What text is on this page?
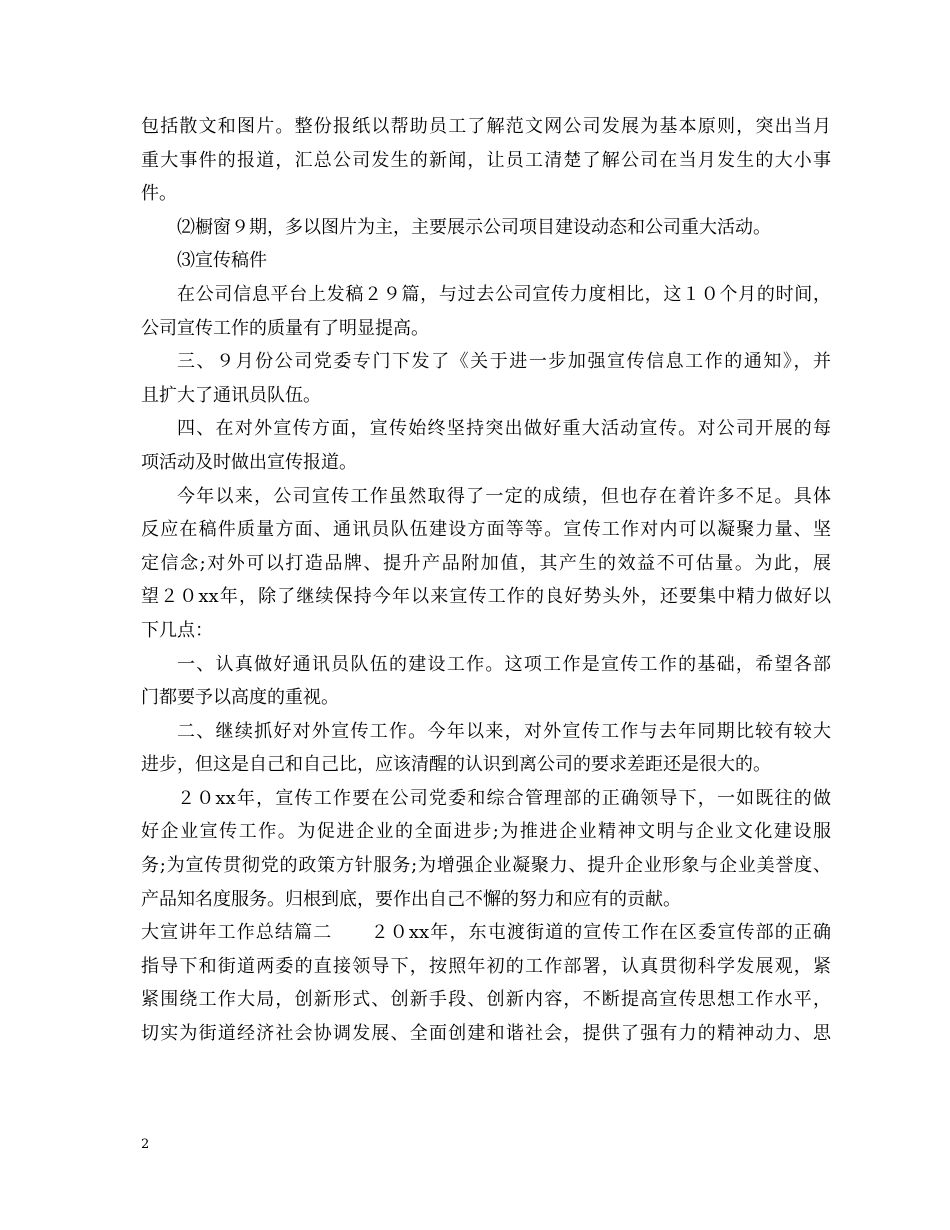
包括散文和图片。整份报纸以帮助员工了解范文网公司发展为基本原则，突出当月
重大事件的报道，汇总公司发生的新闻，让员工清楚了解公司在当月发生的大小事
件。
⑵橱窗９期，多以图片为主，主要展示公司项目建设动态和公司重大活动。
⑶宣传稿件
在公司信息平台上发稿２９篇，与过去公司宣传力度相比，这１０个月的时间，
公司宣传工作的质量有了明显提高。
三、９月份公司党委专门下发了《关于进一步加强宣传信息工作的通知》，并
且扩大了通讯员队伍。
四、在对外宣传方面，宣传始终坚持突出做好重大活动宣传。对公司开展的每
项活动及时做出宣传报道。
今年以来，公司宣传工作虽然取得了一定的成绩，但也存在着许多不足。具体
反应在稿件质量方面、通讯员队伍建设方面等等。宣传工作对内可以凝聚力量、坚
定信念;对外可以打造品牌、提升产品附加值，其产生的效益不可估量。为此，展
望２０xx年，除了继续保持今年以来宣传工作的良好势头外，还要集中精力做好以
下几点：
一、认真做好通讯员队伍的建设工作。这项工作是宣传工作的基础，希望各部
门都要予以高度的重视。
二、继续抓好对外宣传工作。今年以来，对外宣传工作与去年同期比较有较大
进步，但这是自己和自己比，应该清醒的认识到离公司的要求差距还是很大的。
２０xx年，宣传工作要在公司党委和综合管理部的正确领导下，一如既往的做
好企业宣传工作。为促进企业的全面进步;为推进企业精神文明与企业文化建设服
务;为宣传贯彻党的政策方针服务;为增强企业凝聚力、提升企业形象与企业美誉度、
产品知名度服务。归根到底，要作出自己不懈的努力和应有的贡献。
大宣讲年工作总结篇二　　２０xx年，东屯渡街道的宣传工作在区委宣传部的正确
指导下和街道两委的直接领导下，按照年初的工作部署，认真贯彻科学发展观，紧
紧围绕工作大局，创新形式、创新手段、创新内容，不断提高宣传思想工作水平，
切实为街道经济社会协调发展、全面创建和谐社会，提供了强有力的精神动力、思
2
